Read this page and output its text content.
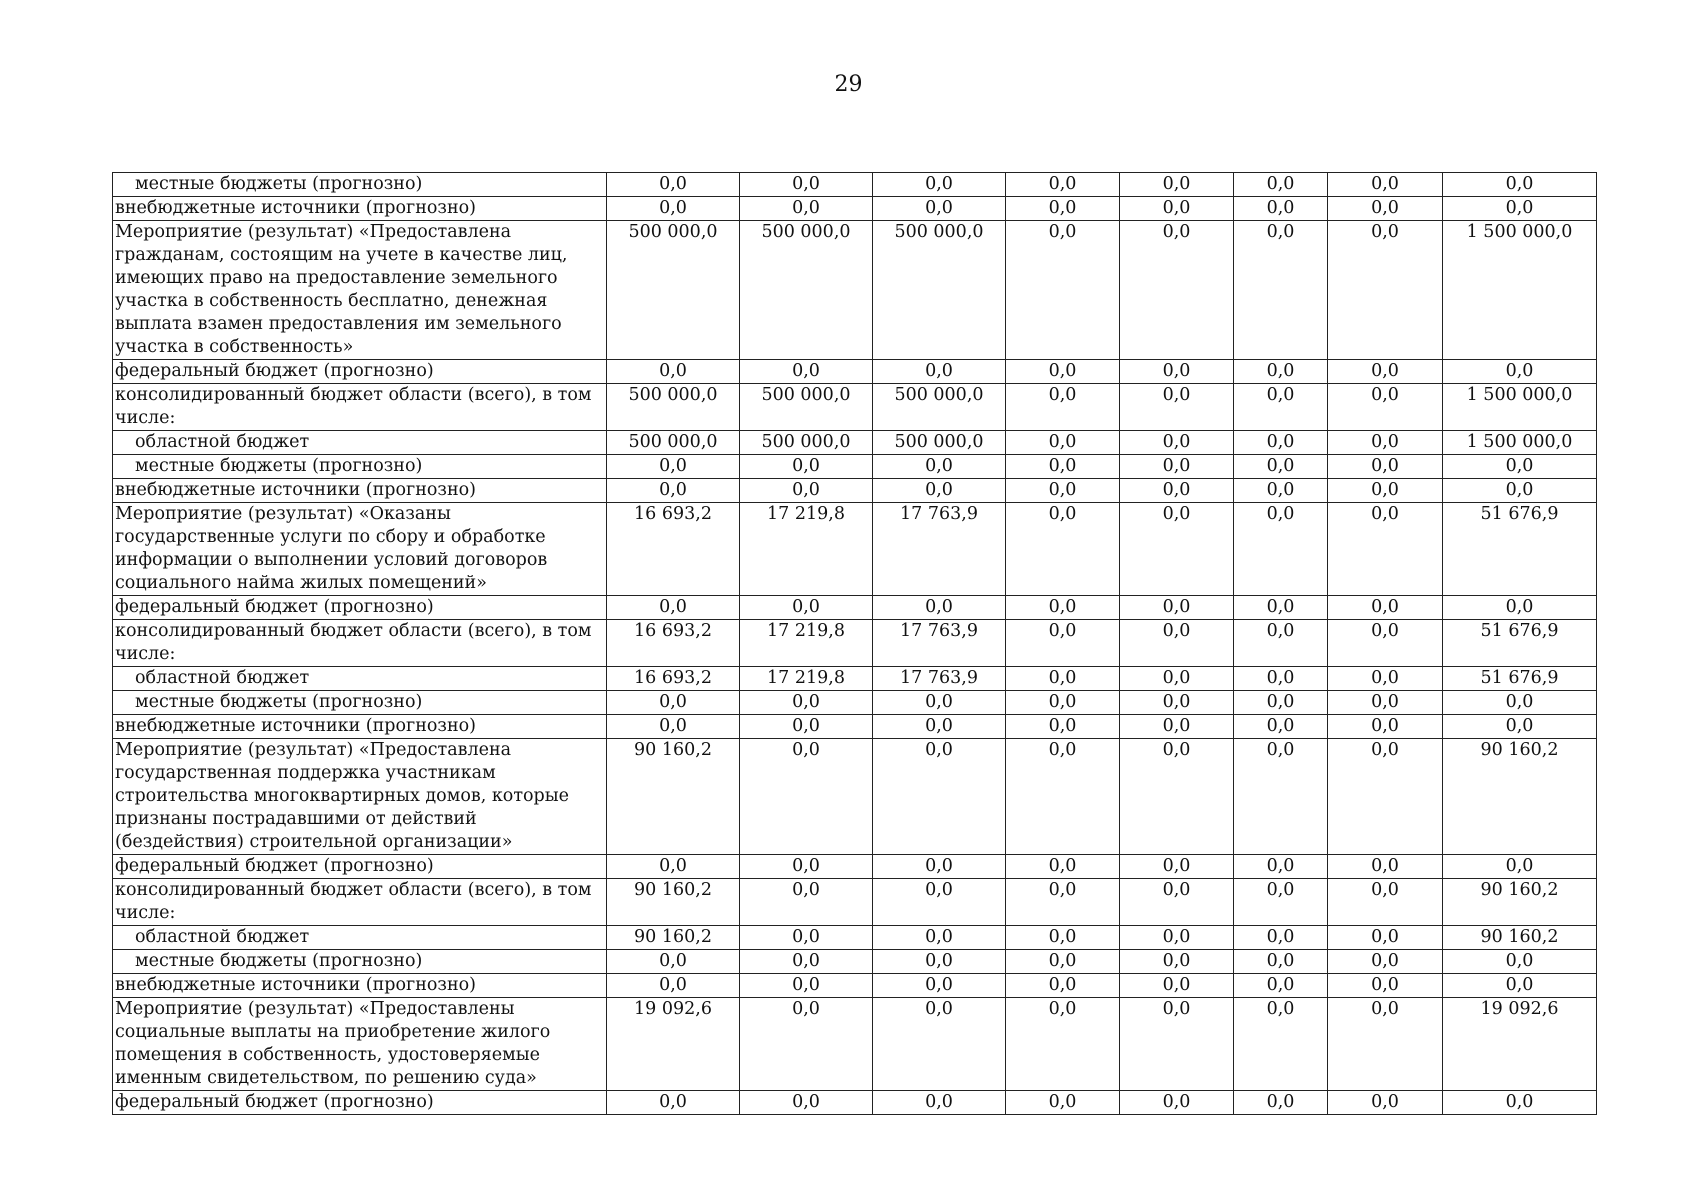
29
местные бюджеты (прогнозно)	0,0	0,0	0,0	0,0	0,0	0,0	0,0	0,0
внебюджетные источники (прогнозно)	0,0	0,0	0,0	0,0	0,0	0,0	0,0	0,0
Мероприятие (результат) «Предоставлена гражданам, состоящим на учете в качестве лиц, имеющих право на предоставление земельного участка в собственность бесплатно, денежная выплата взамен предоставления им земельного участка в собственность»	500 000,0	500 000,0	500 000,0	0,0	0,0	0,0	0,0	1 500 000,0
федеральный бюджет (прогнозно)	0,0	0,0	0,0	0,0	0,0	0,0	0,0	0,0
консолидированный бюджет области (всего), в том числе:	500 000,0	500 000,0	500 000,0	0,0	0,0	0,0	0,0	1 500 000,0
областной бюджет	500 000,0	500 000,0	500 000,0	0,0	0,0	0,0	0,0	1 500 000,0
местные бюджеты (прогнозно)	0,0	0,0	0,0	0,0	0,0	0,0	0,0	0,0
внебюджетные источники (прогнозно)	0,0	0,0	0,0	0,0	0,0	0,0	0,0	0,0
Мероприятие (результат) «Оказаны государственные услуги по сбору и обработке информации о выполнении условий договоров социального найма жилых помещений»	16 693,2	17 219,8	17 763,9	0,0	0,0	0,0	0,0	51 676,9
федеральный бюджет (прогнозно)	0,0	0,0	0,0	0,0	0,0	0,0	0,0	0,0
консолидированный бюджет области (всего), в том числе:	16 693,2	17 219,8	17 763,9	0,0	0,0	0,0	0,0	51 676,9
областной бюджет	16 693,2	17 219,8	17 763,9	0,0	0,0	0,0	0,0	51 676,9
местные бюджеты (прогнозно)	0,0	0,0	0,0	0,0	0,0	0,0	0,0	0,0
внебюджетные источники (прогнозно)	0,0	0,0	0,0	0,0	0,0	0,0	0,0	0,0
Мероприятие (результат) «Предоставлена государственная поддержка участникам строительства многоквартирных домов, которые признаны пострадавшими от действий (бездействия) строительной организации»	90 160,2	0,0	0,0	0,0	0,0	0,0	0,0	90 160,2
федеральный бюджет (прогнозно)	0,0	0,0	0,0	0,0	0,0	0,0	0,0	0,0
консолидированный бюджет области (всего), в том числе:	90 160,2	0,0	0,0	0,0	0,0	0,0	0,0	90 160,2
областной бюджет	90 160,2	0,0	0,0	0,0	0,0	0,0	0,0	90 160,2
местные бюджеты (прогнозно)	0,0	0,0	0,0	0,0	0,0	0,0	0,0	0,0
внебюджетные источники (прогнозно)	0,0	0,0	0,0	0,0	0,0	0,0	0,0	0,0
Мероприятие (результат) «Предоставлены социальные выплаты на приобретение жилого помещения в собственность, удостоверяемые именным свидетельством, по решению суда»	19 092,6	0,0	0,0	0,0	0,0	0,0	0,0	19 092,6
федеральный бюджет (прогнозно)	0,0	0,0	0,0	0,0	0,0	0,0	0,0	0,0
